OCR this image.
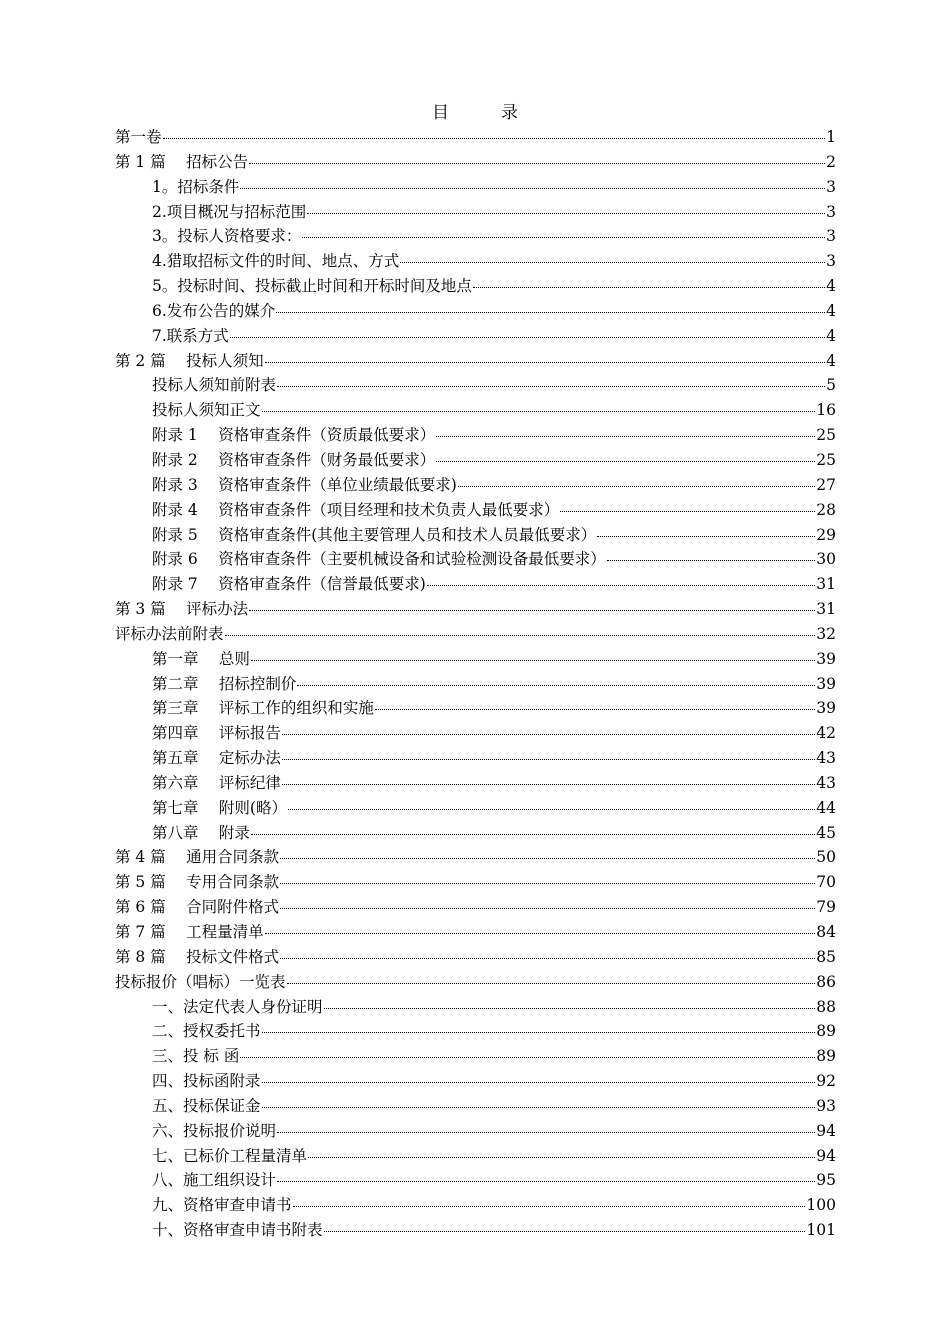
目	录
第一卷	1
第 1 篇　 招标公告	2
1。招标条件	3
2.项目概况与招标范围	3
3。投标人资格要求：	3
4.猎取招标文件的时间、地点、方式	3
5。投标时间、投标截止时间和开标时间及地点	4
6.发布公告的媒介	4
7.联系方式	4
第 2 篇　 投标人须知	4
投标人须知前附表	5
投标人须知正文	16
附录 1　 资格审查条件（资质最低要求）	25
附录 2　 资格审查条件（财务最低要求）	25
附录 3　 资格审查条件（单位业绩最低要求)	27
附录 4　 资格审查条件（项目经理和技术负责人最低要求）	28
附录 5　 资格审查条件(其他主要管理人员和技术人员最低要求）	29
附录 6　 资格审查条件（主要机械设备和试验检测设备最低要求）	30
附录 7　 资格审查条件（信誉最低要求)	31
第 3 篇　 评标办法	31
评标办法前附表	32
第一章　 总则	39
第二章　 招标控制价	39
第三章　 评标工作的组织和实施	39
第四章　 评标报告	42
第五章　 定标办法	43
第六章　 评标纪律	43
第七章　 附则(略）	44
第八章　 附录	45
第 4 篇　 通用合同条款	50
第 5 篇　 专用合同条款	70
第 6 篇　 合同附件格式	79
第 7 篇　 工程量清单	84
第 8 篇　 投标文件格式	85
投标报价（唱标）一览表	86
一、法定代表人身份证明	88
二、授权委托书	89
三、投 标 函	89
四、投标函附录	92
五、投标保证金	93
六、投标报价说明	94
七、已标价工程量清单	94
八、施工组织设计	95
九、资格审查申请书	100
十、资格审查申请书附表	101
